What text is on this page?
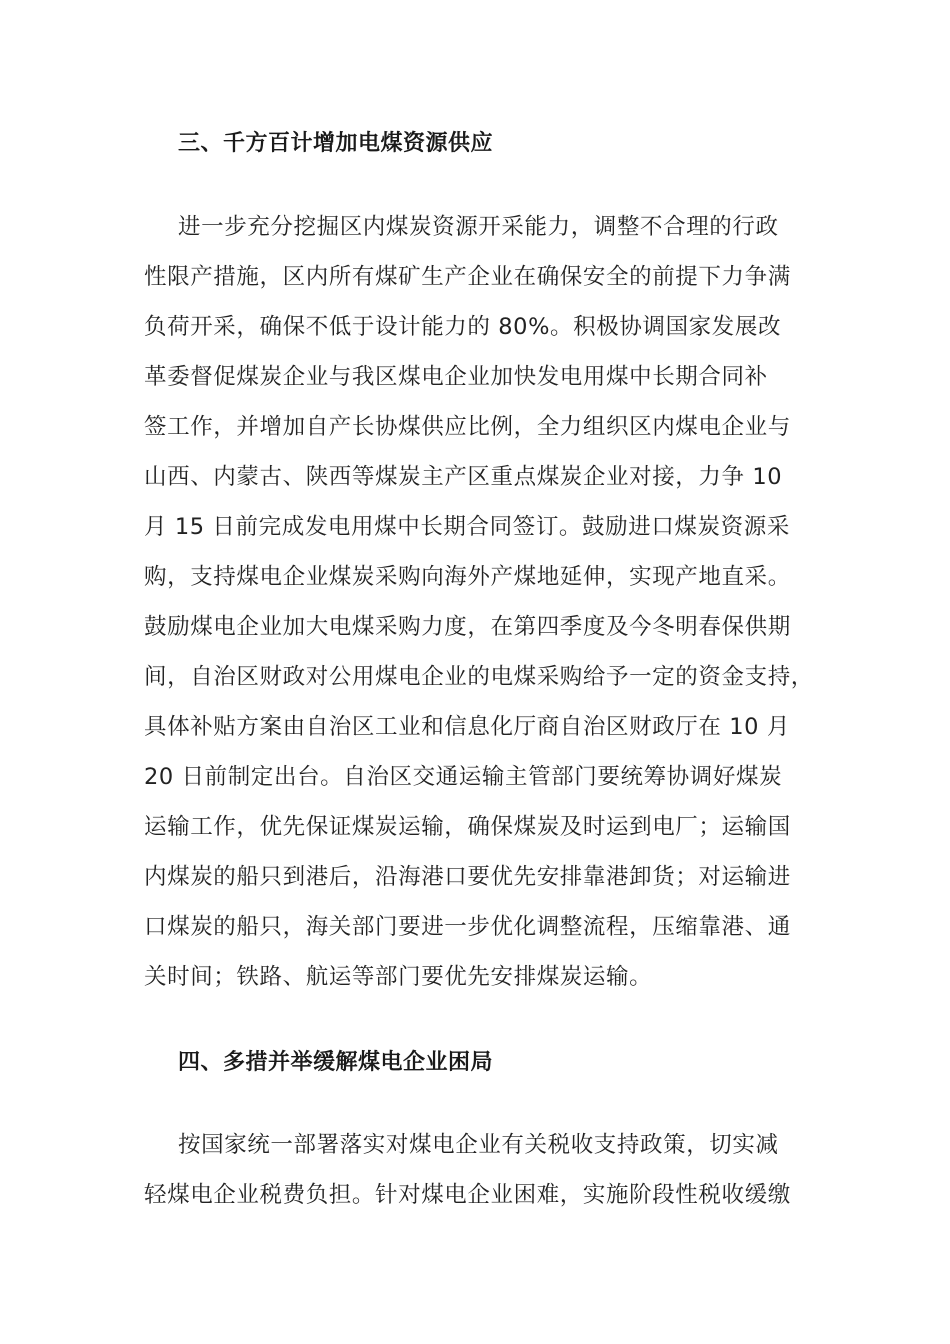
三、千方百计增加电煤资源供应
进一步充分挖掘区内煤炭资源开采能力，调整不合理的行政
性限产措施，区内所有煤矿生产企业在确保安全的前提下力争满
负荷开采，确保不低于设计能力的 80%。积极协调国家发展改
革委督促煤炭企业与我区煤电企业加快发电用煤中长期合同补
签工作，并增加自产长协煤供应比例，全力组织区内煤电企业与
山西、内蒙古、陕西等煤炭主产区重点煤炭企业对接，力争 10
月 15 日前完成发电用煤中长期合同签订。鼓励进口煤炭资源采
购，支持煤电企业煤炭采购向海外产煤地延伸，实现产地直采。
鼓励煤电企业加大电煤采购力度，在第四季度及今冬明春保供期
间，自治区财政对公用煤电企业的电煤采购给予一定的资金支持，
具体补贴方案由自治区工业和信息化厅商自治区财政厅在 10 月
20 日前制定出台。自治区交通运输主管部门要统筹协调好煤炭
运输工作，优先保证煤炭运输，确保煤炭及时运到电厂；运输国
内煤炭的船只到港后，沿海港口要优先安排靠港卸货；对运输进
口煤炭的船只，海关部门要进一步优化调整流程，压缩靠港、通
关时间；铁路、航运等部门要优先安排煤炭运输。
四、多措并举缓解煤电企业困局
按国家统一部署落实对煤电企业有关税收支持政策，切实减
轻煤电企业税费负担。针对煤电企业困难，实施阶段性税收缓缴
